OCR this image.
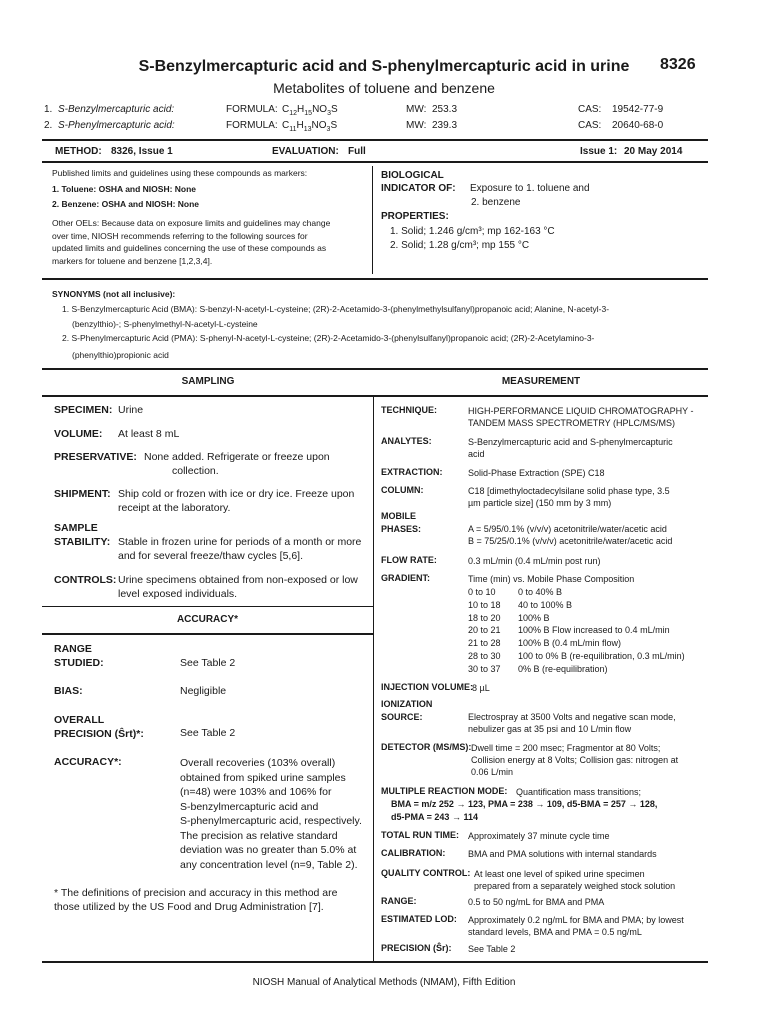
S-Benzylmercapturic acid and S-phenylmercapturic acid in urine	8326
Metabolites of toluene and benzene
1. S-Benzylmercapturic acid:	FORMULA: $C_{12}H_{15}NO_3S$	MW: 253.3	CAS: 19542-77-9
2. S-Phenylmercapturic acid:	FORMULA: $C_{11}H_{13}NO_3S$	MW: 239.3	CAS: 20640-68-0
METHOD: 8326, Issue 1	EVALUATION: Full	Issue 1: 20 May 2014
Published limits and guidelines using these compounds as markers:
1. Toluene: OSHA and NIOSH: None
2. Benzene: OSHA and NIOSH: None
Other OELs: Because data on exposure limits and guidelines may change
over time, NIOSH recommends referring to the following sources for
updated limits and guidelines concerning the use of these compounds as
markers for toluene and benzene [1,2,3,4].
BIOLOGICAL
INDICATOR OF: Exposure to 1. toluene and
2. benzene
PROPERTIES:
1. Solid; 1.246 g/cm³; mp 162-163 °C
2. Solid; 1.28 g/cm³; mp 155 °C
SYNONYMS (not all inclusive):
1. S-Benzylmercapturic Acid (BMA): S-benzyl-N-acetyl-L-cysteine; (2R)-2-Acetamido-3-(phenylmethylsulfanyl)propanoic acid; Alanine, N-acetyl-3-
(benzylthio)-; S-phenylmethyl-N-acetyl-L-cysteine
2. S-Phenylmercapturic Acid (PMA): S-phenyl-N-acetyl-L-cysteine; (2R)-2-Acetamido-3-(phenylsulfanyl)propanoic acid; (2R)-2-Acetylamino-3-
(phenylthio)propionic acid
SAMPLING	MEASUREMENT
SPECIMEN: Urine
VOLUME: At least 8 mL
PRESERVATIVE: None added. Refrigerate or freeze upon
collection.
SHIPMENT: Ship cold or frozen with ice or dry ice. Freeze upon
receipt at the laboratory.
SAMPLE
STABILITY: Stable in frozen urine for periods of a month or more
and for several freeze/thaw cycles [5,6].
CONTROLS: Urine specimens obtained from non-exposed or low
level exposed individuals.
ACCURACY*
RANGE
STUDIED:	See Table 2
BIAS:	Negligible
OVERALL
PRECISION (Ŝrt)*:	See Table 2
ACCURACY*:	Overall recoveries (103% overall)
obtained from spiked urine samples
(n=48) were 103% and 106% for
S-benzylmercapturic acid and
S-phenylmercapturic acid, respectively.
The precision as relative standard
deviation was no greater than 5.0% at
any concentration level (n=9, Table 2).
* The definitions of precision and accuracy in this method are
those utilized by the US Food and Drug Administration [7].
TECHNIQUE:	HIGH-PERFORMANCE LIQUID CHROMATOGRAPHY -
TANDEM MASS SPECTROMETRY (HPLC/MS/MS)
ANALYTES:	S-Benzylmercapturic acid and S-phenylmercapturic
acid
EXTRACTION:	Solid-Phase Extraction (SPE) C18
COLUMN:	C18 [dimethyloctadecylsilane solid phase type, 3.5
µm particle size] (150 mm by 3 mm)
MOBILE
PHASES:	A = 5/95/0.1% (v/v/v) acetonitrile/water/acetic acid
B = 75/25/0.1% (v/v/v) acetonitrile/water/acetic acid
FLOW RATE:	0.3 mL/min (0.4 mL/min post run)
GRADIENT:	Time (min) vs. Mobile Phase Composition
0 to 10	0 to 40% B
10 to 18	40 to 100% B
18 to 20	100% B
20 to 21	100% B Flow increased to 0.4 mL/min
21 to 28	100% B (0.4 mL/min flow)
28 to 30	100 to 0% B (re-equilibration, 0.3 mL/min)
30 to 37	0% B (re-equilibration)
INJECTION VOLUME:
8 µL
IONIZATION
SOURCE:	Electrospray at 3500 Volts and negative scan mode,
nebulizer gas at 35 psi and 10 L/min flow
DETECTOR (MS/MS): Dwell time = 200 msec; Fragmentor at 80 Volts;
Collision energy at 8 Volts; Collision gas: nitrogen at
0.06 L/min
MULTIPLE REACTION MODE: Quantification mass transitions;
BMA = m/z 252 → 123, PMA = 238 → 109, d5-BMA = 257 → 128,
d5-PMA = 243 → 114
TOTAL RUN TIME: Approximately 37 minute cycle time
CALIBRATION:	BMA and PMA solutions with internal standards
QUALITY CONTROL: At least one level of spiked urine specimen
prepared from a separately weighed stock solution
RANGE:	0.5 to 50 ng/mL for BMA and PMA
ESTIMATED LOD: Approximately 0.2 ng/mL for BMA and PMA; by lowest
standard levels, BMA and PMA = 0.5 ng/mL
PRECISION (Ŝr): See Table 2
NIOSH Manual of Analytical Methods (NMAM), Fifth Edition
